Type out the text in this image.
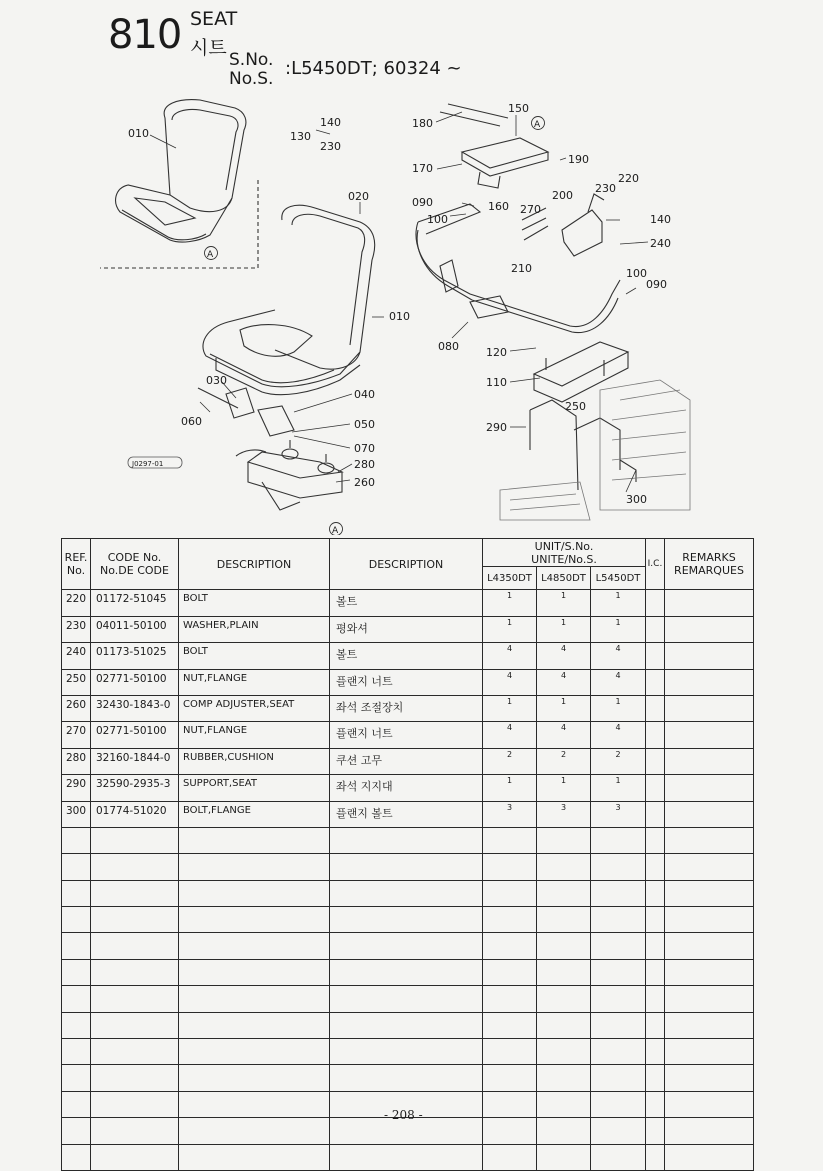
810 SEAT
시트
S.No.
No.S. :L5450DT; 60324 ~
010	130
140
230
020
150
180
170
190
090
100
160 270
200
220
230
140
240
210	100
090
010
080 120
110
250
290
300
030
060
040
050
070
280
260
A
A
A
J0297-01
REF.
No.	CODE No.
No.DE CODE	DESCRIPTION	DESCRIPTION	UNIT/S.No.
UNITE/No.S.			I.C.	REMARKS
REMARQUES
				L4350DT	L4850DT	L5450DT		
220	01172-51045	BOLT	볼트	1	1	1		
230	04011-50100	WASHER,PLAIN	평와셔	1	1	1		
240	01173-51025	BOLT	볼트	4	4	4		
250	02771-50100	NUT,FLANGE	플랜지 너트	4	4	4		
260	32430-1843-0	COMP ADJUSTER,SEAT	좌석 조절장치	1	1	1		
270	02771-50100	NUT,FLANGE	플랜지 너트	4	4	4		
280	32160-1844-0	RUBBER,CUSHION	쿠션 고무	2	2	2		
290	32590-2935-3	SUPPORT,SEAT	좌석 지지대	1	1	1		
300	01774-51020	BOLT,FLANGE	플랜지 볼트	3	3	3		

- 208 -
